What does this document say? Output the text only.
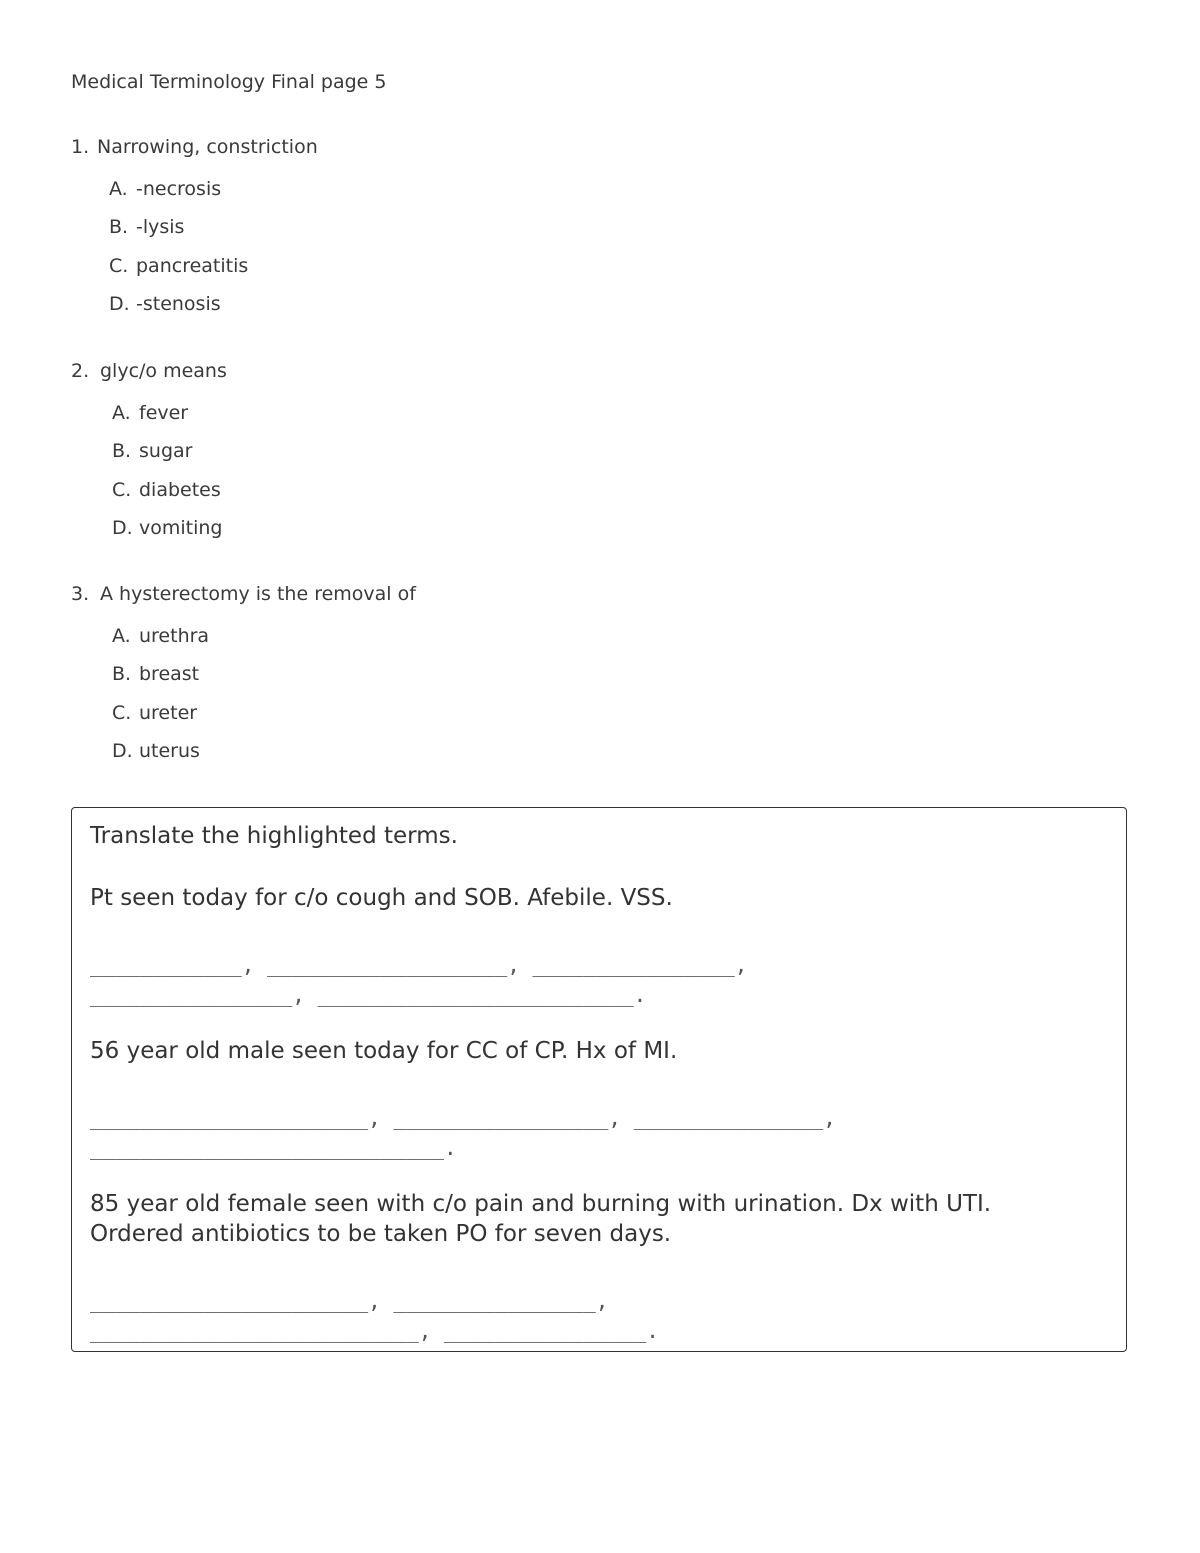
Medical Terminology Final page 5
1. Narrowing, constriction
A. -necrosis
B. -lysis
C. pancreatitis
D. -stenosis
2. glyc/o means
A. fever
B. sugar
C. diabetes
D. vomiting
3. A hysterectomy is the removal of
A. urethra
B. breast
C. ureter
D. uterus
Translate the highlighted terms.
Pt seen today for c/o cough and SOB. Afebile. VSS.
____________, ___________________, ________________,
________________, _________________________.
56 year old male seen today for CC of CP. Hx of MI.
______________________, _________________, _______________,
____________________________.
85 year old female seen with c/o pain and burning with urination. Dx with UTI. Ordered antibiotics to be taken PO for seven days.
______________________, ________________,
__________________________, ________________.
